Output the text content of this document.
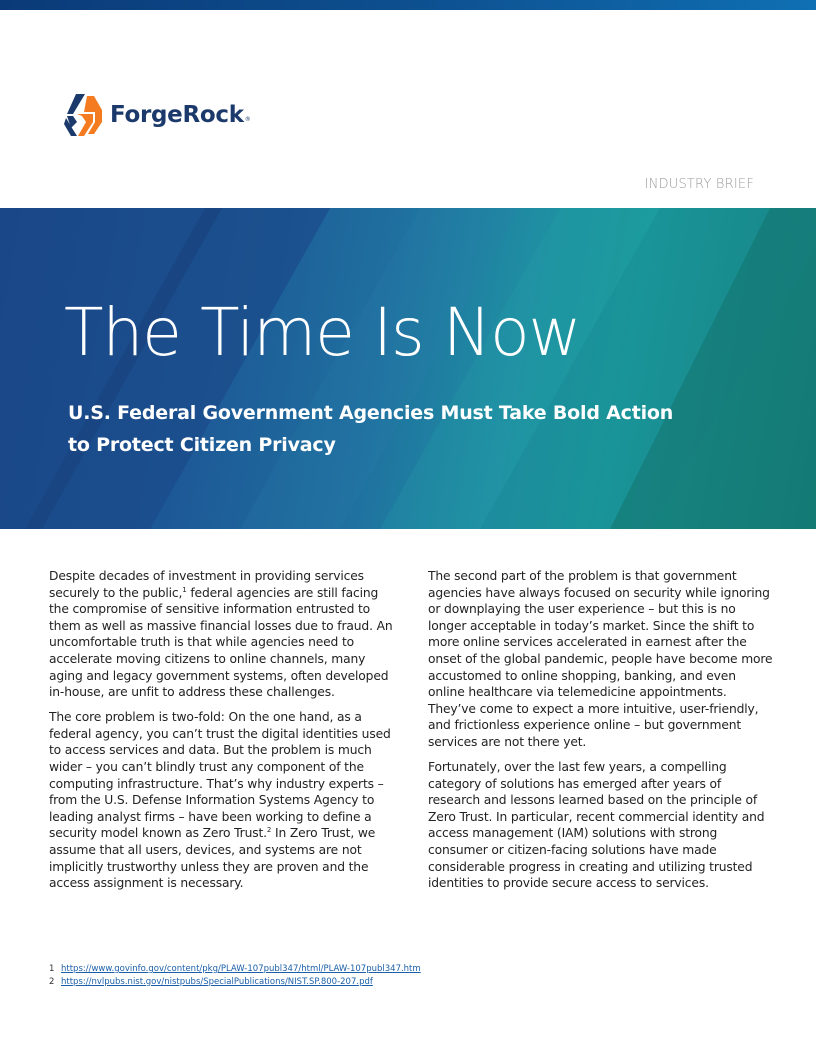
ForgeRock ®
INDUSTRY BRIEF
The Time Is Now
U.S. Federal Government Agencies Must Take Bold Action
to Protect Citizen Privacy

Despite decades of investment in providing services securely to the public,$^1$ federal agencies are still facing the compromise of sensitive information entrusted to them as well as massive financial losses due to fraud. An uncomfortable truth is that while agencies need to accelerate moving citizens to online channels, many aging and legacy government systems, often developed in-house, are unfit to address these challenges.

The core problem is two-fold: On the one hand, as a federal agency, you can’t trust the digital identities used to access services and data. But the problem is much wider – you can’t blindly trust any component of the computing infrastructure. That’s why industry experts – from the U.S. Defense Information Systems Agency to leading analyst firms – have been working to define a security model known as Zero Trust.$^2$ In Zero Trust, we assume that all users, devices, and systems are not implicitly trustworthy unless they are proven and the access assignment is necessary.

The second part of the problem is that government agencies have always focused on security while ignoring or downplaying the user experience – but this is no longer acceptable in today’s market. Since the shift to more online services accelerated in earnest after the onset of the global pandemic, people have become more accustomed to online shopping, banking, and even online healthcare via telemedicine appointments. They’ve come to expect a more intuitive, user-friendly, and frictionless experience online – but government services are not there yet.

Fortunately, over the last few years, a compelling category of solutions has emerged after years of research and lessons learned based on the principle of Zero Trust. In particular, recent commercial identity and access management (IAM) solutions with strong consumer or citizen-facing solutions have made considerable progress in creating and utilizing trusted identities to provide secure access to services.

1 https://www.govinfo.gov/content/pkg/PLAW-107publ347/html/PLAW-107publ347.htm
2 https://nvlpubs.nist.gov/nistpubs/SpecialPublications/NIST.SP.800-207.pdf
